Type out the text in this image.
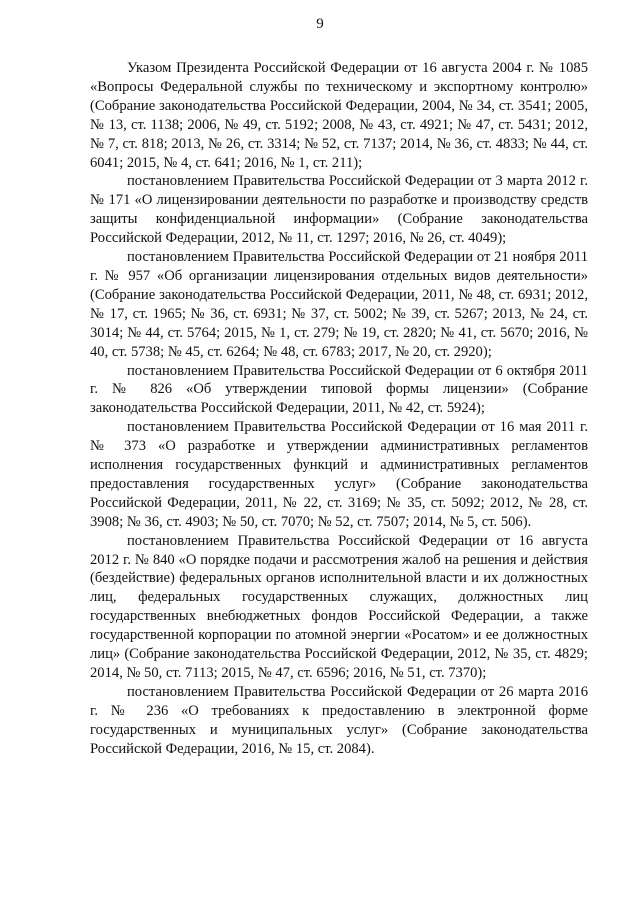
9

Указом Президента Российской Федерации от 16 августа 2004 г. № 1085 «Вопросы Федеральной службы по техническому и экспортному контролю» (Собрание законодательства Российской Федерации, 2004, № 34, ст. 3541; 2005, № 13, ст. 1138; 2006, № 49, ст. 5192; 2008, № 43, ст. 4921; № 47, ст. 5431; 2012, № 7, ст. 818; 2013, № 26, ст. 3314; № 52, ст. 7137; 2014, № 36, ст. 4833; № 44, ст. 6041; 2015, № 4, ст. 641; 2016, № 1, ст. 211);

постановлением Правительства Российской Федерации от 3 марта 2012 г. № 171 «О лицензировании деятельности по разработке и производству средств защиты конфиденциальной информации» (Собрание законодательства Российской Федерации, 2012, № 11, ст. 1297; 2016, № 26, ст. 4049);

постановлением Правительства Российской Федерации от 21 ноября 2011 г. № 957 «Об организации лицензирования отдельных видов деятельности» (Собрание законодательства Российской Федерации, 2011, № 48, ст. 6931; 2012, № 17, ст. 1965; № 36, ст. 6931; № 37, ст. 5002; № 39, ст. 5267; 2013, № 24, ст. 3014; № 44, ст. 5764; 2015, № 1, ст. 279; № 19, ст. 2820; № 41, ст. 5670; 2016, № 40, ст. 5738; № 45, ст. 6264; № 48, ст. 6783; 2017, № 20, ст. 2920);

постановлением Правительства Российской Федерации от 6 октября 2011 г. № 826 «Об утверждении типовой формы лицензии» (Собрание законодательства Российской Федерации, 2011, № 42, ст. 5924);

постановлением Правительства Российской Федерации от 16 мая 2011 г. № 373 «О разработке и утверждении административных регламентов исполнения государственных функций и административных регламентов предоставления государственных услуг» (Собрание законодательства Российской Федерации, 2011, № 22, ст. 3169; № 35, ст. 5092; 2012, № 28, ст. 3908; № 36, ст. 4903; № 50, ст. 7070; № 52, ст. 7507; 2014, № 5, ст. 506).

постановлением Правительства Российской Федерации от 16 августа 2012 г. № 840 «О порядке подачи и рассмотрения жалоб на решения и действия (бездействие) федеральных органов исполнительной власти и их должностных лиц, федеральных государственных служащих, должностных лиц государственных внебюджетных фондов Российской Федерации, а также государственной корпорации по атомной энергии «Росатом» и ее должностных лиц» (Собрание законодательства Российской Федерации, 2012, № 35, ст. 4829; 2014, № 50, ст. 7113; 2015, № 47, ст. 6596; 2016, № 51, ст. 7370);

постановлением Правительства Российской Федерации от 26 марта 2016 г. № 236 «О требованиях к предоставлению в электронной форме государственных и муниципальных услуг» (Собрание законодательства Российской Федерации, 2016, № 15, ст. 2084).
